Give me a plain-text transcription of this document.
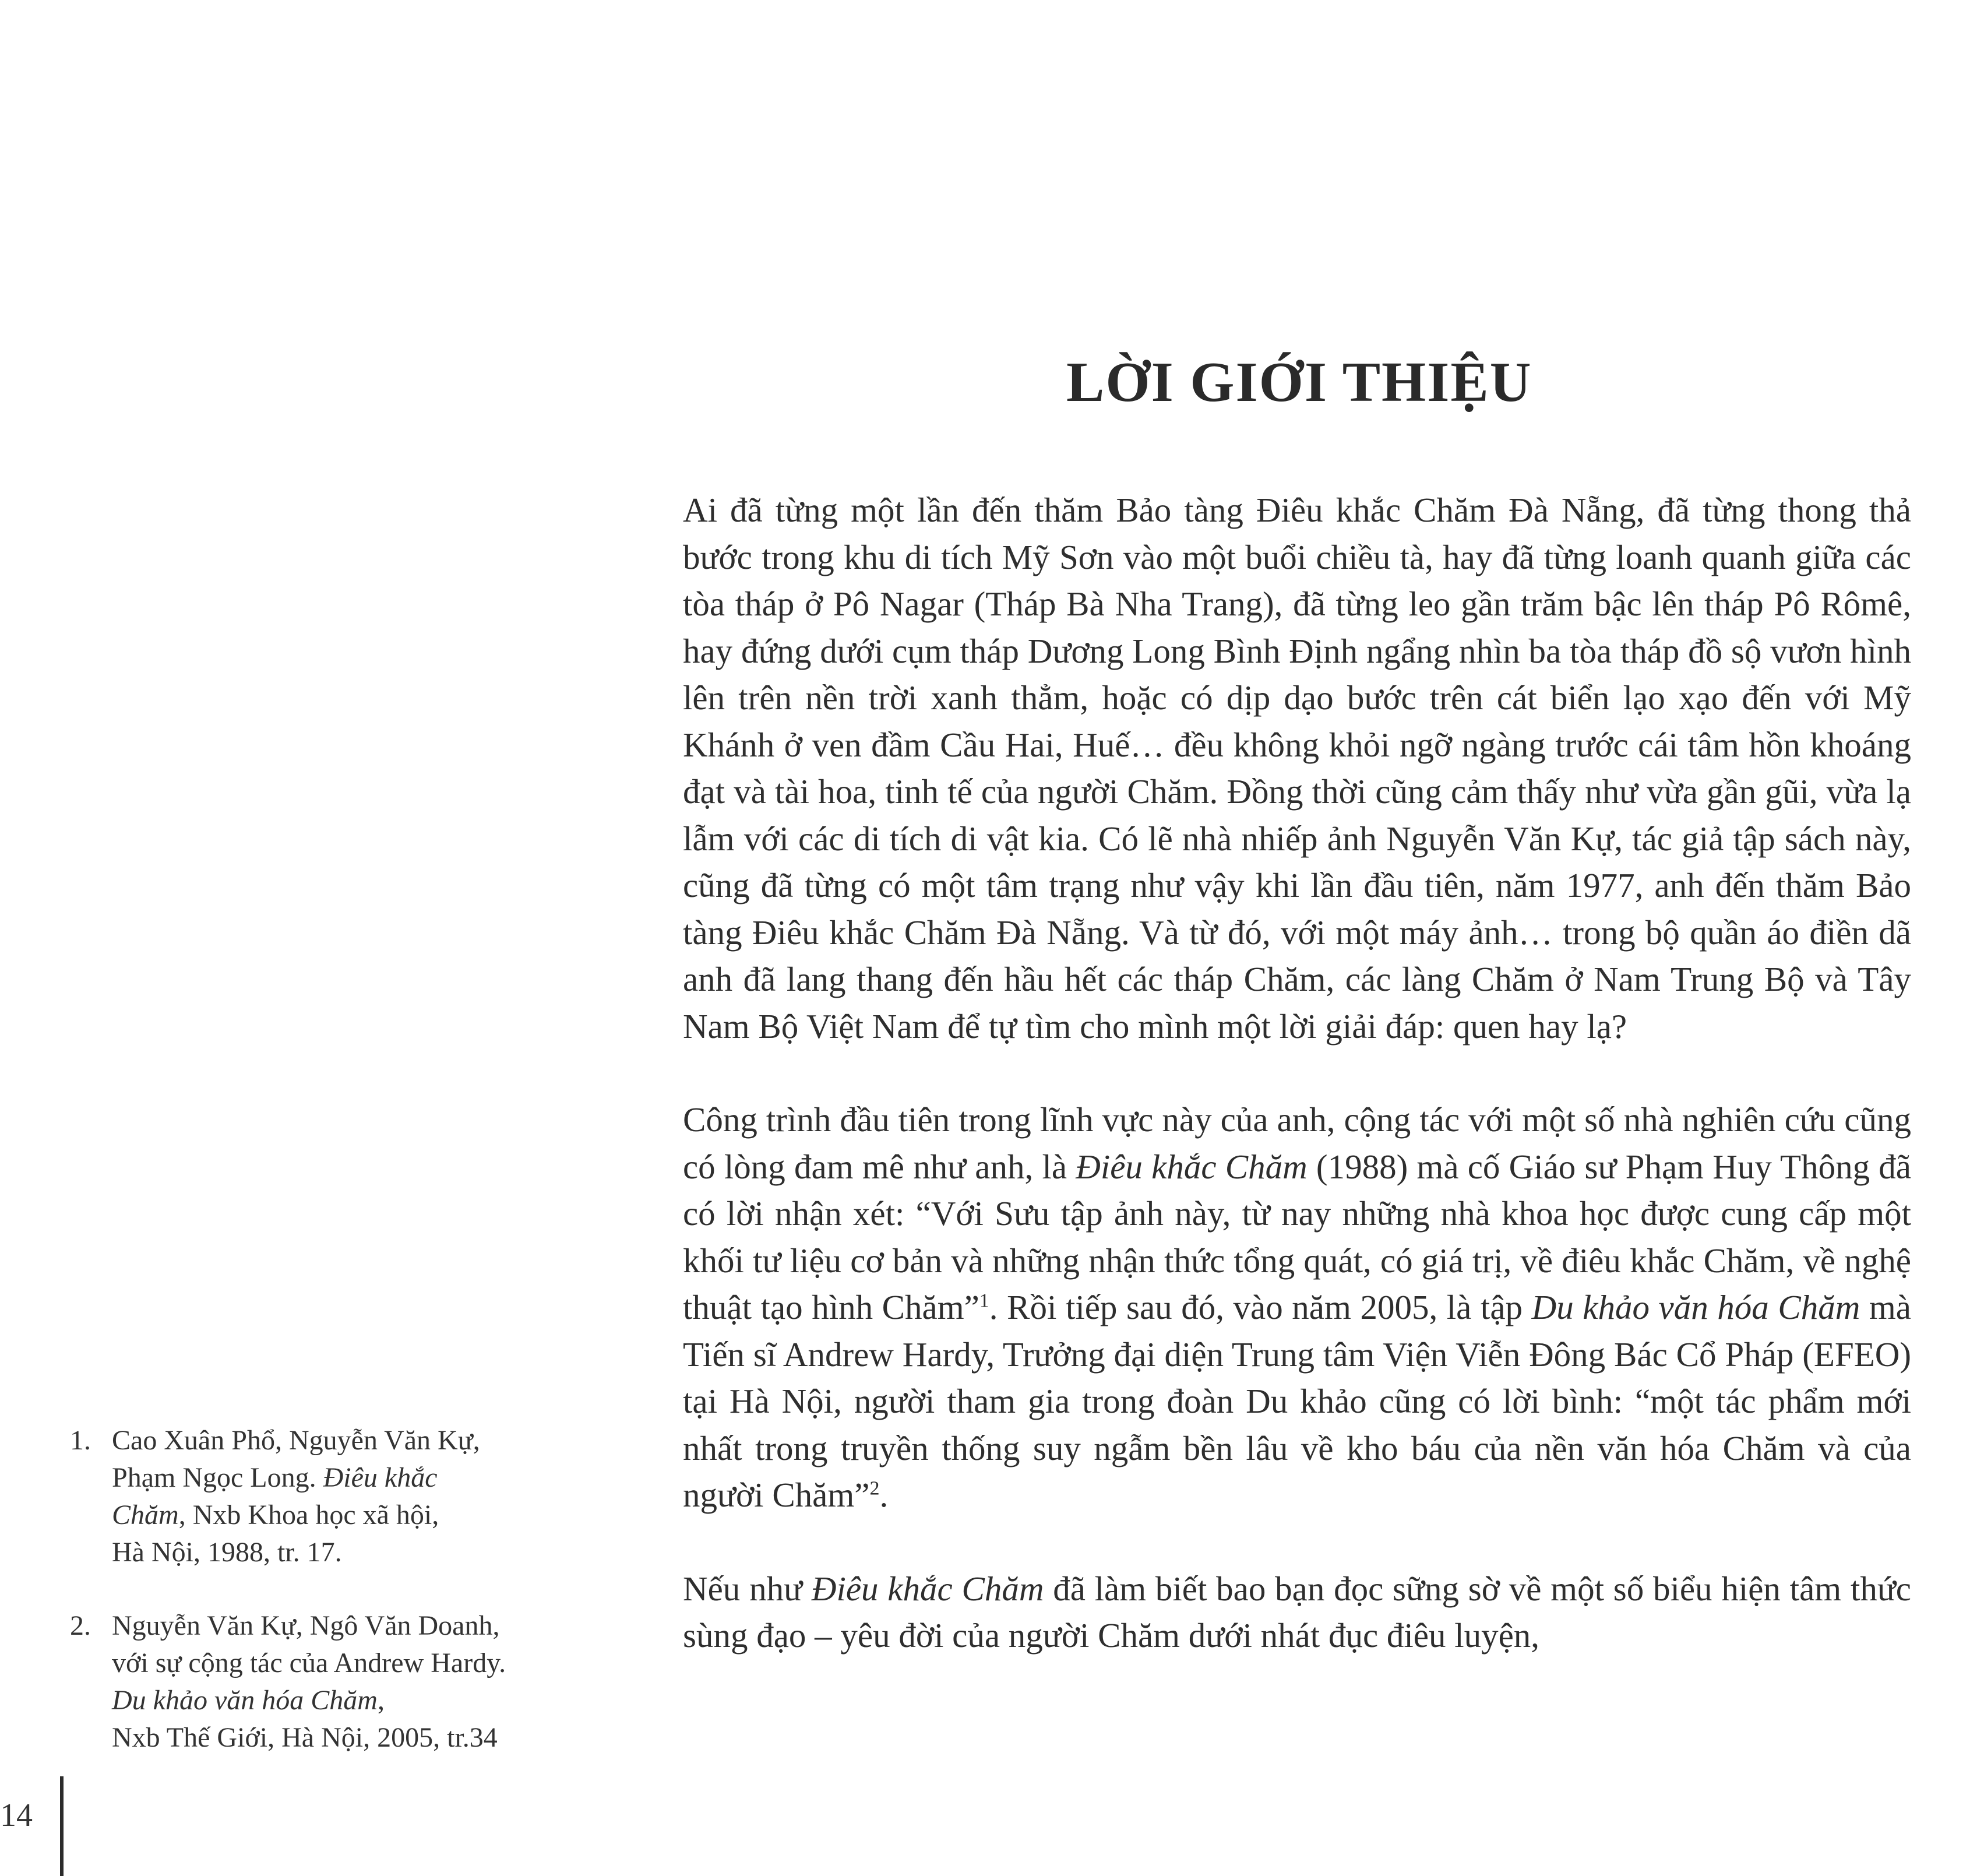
LỜI GIỚI THIỆU

Ai đã từng một lần đến thăm Bảo tàng Điêu khắc Chăm Đà Nẵng, đã từng thong thả bước trong khu di tích Mỹ Sơn vào một buổi chiều tà, hay đã từng loanh quanh giữa các tòa tháp ở Pô Nagar (Tháp Bà Nha Trang), đã từng leo gần trăm bậc lên tháp Pô Rômê, hay đứng dưới cụm tháp Dương Long Bình Định ngẩng nhìn ba tòa tháp đồ sộ vươn hình lên trên nền trời xanh thẳm, hoặc có dịp dạo bước trên cát biển lạo xạo đến với Mỹ Khánh ở ven đầm Cầu Hai, Huế… đều không khỏi ngỡ ngàng trước cái tâm hồn khoáng đạt và tài hoa, tinh tế của người Chăm. Đồng thời cũng cảm thấy như vừa gần gũi, vừa lạ lẫm với các di tích di vật kia. Có lẽ nhà nhiếp ảnh Nguyễn Văn Kự, tác giả tập sách này, cũng đã từng có một tâm trạng như vậy khi lần đầu tiên, năm 1977, anh đến thăm Bảo tàng Điêu khắc Chăm Đà Nẵng. Và từ đó, với một máy ảnh… trong bộ quần áo điền dã anh đã lang thang đến hầu hết các tháp Chăm, các làng Chăm ở Nam Trung Bộ và Tây Nam Bộ Việt Nam để tự tìm cho mình một lời giải đáp: quen hay lạ?

Công trình đầu tiên trong lĩnh vực này của anh, cộng tác với một số nhà nghiên cứu cũng có lòng đam mê như anh, là Điêu khắc Chăm (1988) mà cố Giáo sư Phạm Huy Thông đã có lời nhận xét: “Với Sưu tập ảnh này, từ nay những nhà khoa học được cung cấp một khối tư liệu cơ bản và những nhận thức tổng quát, có giá trị, về điêu khắc Chăm, về nghệ thuật tạo hình Chăm”$^1$. Rồi tiếp sau đó, vào năm 2005, là tập Du khảo văn hóa Chăm mà Tiến sĩ Andrew Hardy, Trưởng đại diện Trung tâm Viện Viễn Đông Bác Cổ Pháp (EFEO) tại Hà Nội, người tham gia trong đoàn Du khảo cũng có lời bình: “một tác phẩm mới nhất trong truyền thống suy ngẫm bền lâu về kho báu của nền văn hóa Chăm và của người Chăm”$^2$.

Nếu như Điêu khắc Chăm đã làm biết bao bạn đọc sững sờ về một số biểu hiện tâm thức sùng đạo – yêu đời của người Chăm dưới nhát đục điêu luyện,

1. Cao Xuân Phổ, Nguyễn Văn Kự,
Phạm Ngọc Long. Điêu khắc
Chăm, Nxb Khoa học xã hội,
Hà Nội, 1988, tr. 17.
2. Nguyễn Văn Kự, Ngô Văn Doanh,
với sự cộng tác của Andrew Hardy.
Du khảo văn hóa Chăm,
Nxb Thế Giới, Hà Nội, 2005, tr.34
14
